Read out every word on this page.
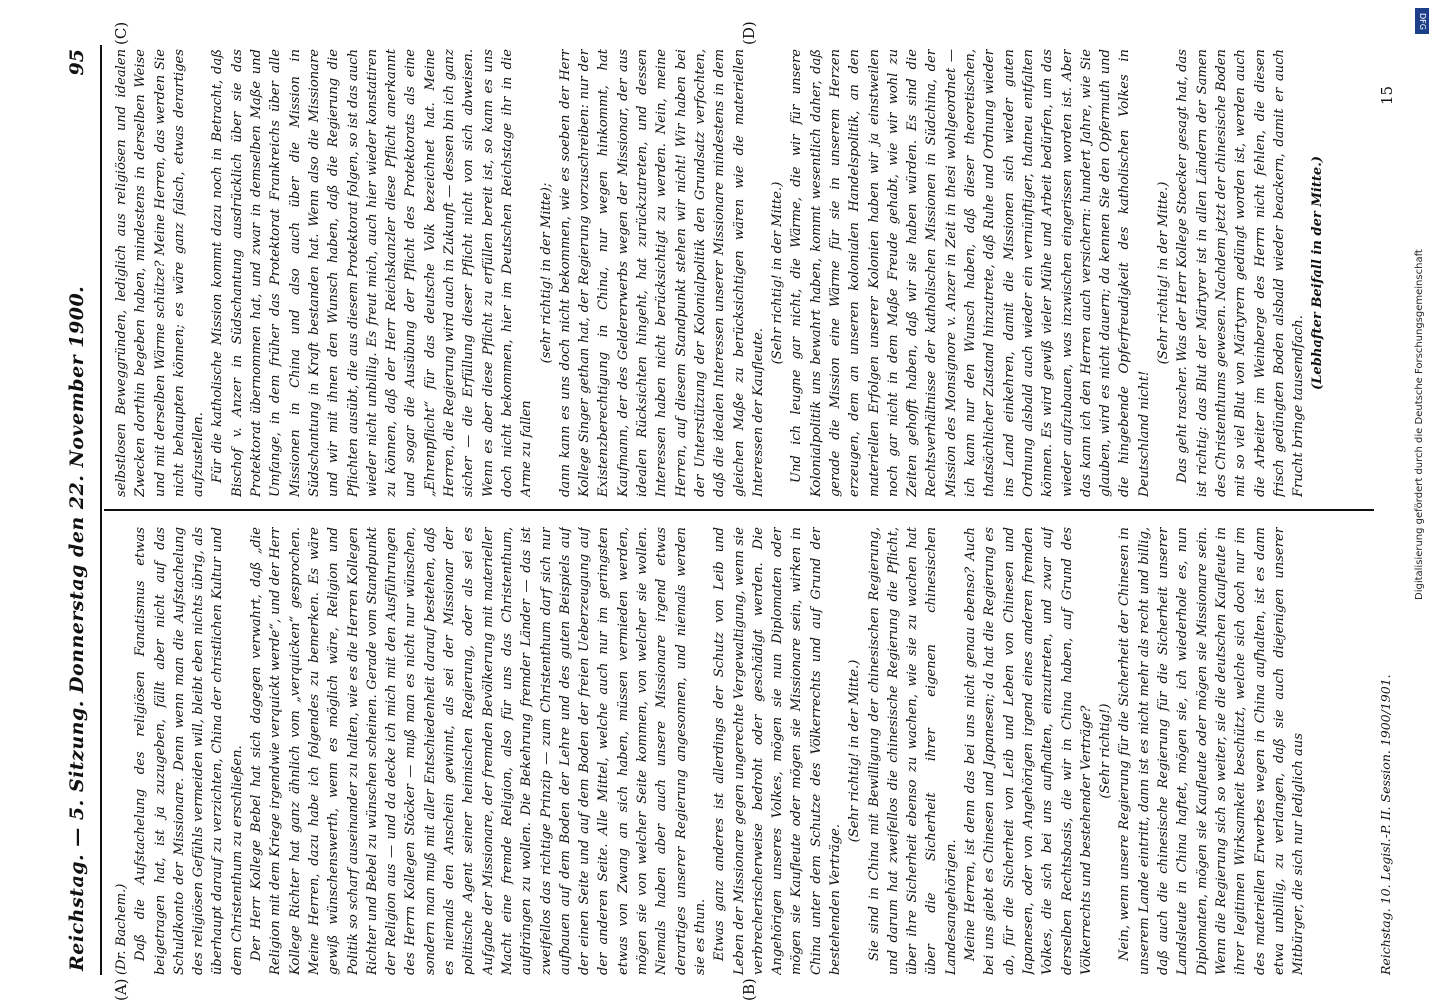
Reichstag. — 5. Sitzung. Donnerstag den 22. November 1900.
95
(A)	(B)
(C)	(D)

(Dr. Bachem.) Daß die Aufstachelung des religiösen Fanatismus etwas beigetragen hat, ist ja zuzugeben, fällt aber nicht auf das Schuldkonto der Missionare. Denn wenn man die Aufstachelung des religiösen Gefühls vermeiden will, bleibt eben nichts übrig, als überhaupt darauf zu verzichten, China der christlichen Kultur und dem Christenthum zu erschließen. Der Herr Kollege Bebel hat sich dagegen verwahrt, daß „die Religion mit dem Kriege irgendwie verquickt werde“, und der Herr Kollege Richter hat ganz ähnlich vom „verquicken“ gesprochen. Meine Herren, dazu habe ich folgendes zu bemerken. Es wäre gewiß wünschenswerth, wenn es möglich wäre, Religion und Politik so scharf auseinander zu halten, wie es die Herren Kollegen Richter und Bebel zu wünschen scheinen. Gerade vom Standpunkt der Religion aus — und da decke ich mich mit den Ausführungen des Herrn Kollegen Stöcker — muß man es nicht nur wünschen, sondern man muß mit aller Entschiedenheit darauf bestehen, daß es niemals den Anschein gewinnt, als sei der Missionar der politische Agent seiner heimischen Regierung, oder als sei es Aufgabe der Missionare, der fremden Bevölkerung mit materieller Macht eine fremde Religion, also für uns das Christenthum, aufdrängen zu wollen. Die Bekehrung fremder Länder — das ist zweifellos das richtige Prinzip — zum Christenthum darf sich nur aufbauen auf dem Boden der Lehre und des guten Beispiels auf der einen Seite und auf dem Boden der freien Ueberzeugung auf der anderen Seite. Alle Mittel, welche auch nur im geringsten etwas von Zwang an sich haben, müssen vermieden werden, mögen sie von welcher Seite kommen, von welcher sie wollen. Niemals haben aber auch unsere Missionare irgend etwas derartiges unserer Regierung angesonnen, und niemals werden sie es thun. Etwas ganz anderes ist allerdings der Schutz von Leib und Leben der Missionare gegen ungerechte Vergewaltigung, wenn sie verbrecherischerweise bedroht oder geschädigt werden. Die Angehörigen unseres Volkes, mögen sie nun Diplomaten oder mögen sie Kaufleute oder mögen sie Missionare sein, wirken in China unter dem Schutze des Völkerrechts und auf Grund der bestehenden Verträge.

(Sehr richtig! in der Mitte.) Sie sind in China mit Bewilligung der chinesischen Regierung, und darum hat zweifellos die chinesische Regierung die Pflicht, über ihre Sicherheit ebenso zu wachen, wie sie zu wachen hat über die Sicherheit ihrer eigenen chinesischen Landesangehörigen. Meine Herren, ist denn das bei uns nicht genau ebenso? Auch bei uns giebt es Chinesen und Japanesen; da hat die Regierung es ab, für die Sicherheit von Leib und Leben von Chinesen und Japanesen, oder von Angehörigen irgend eines anderen fremden Volkes, die sich bei uns aufhalten, einzutreten, und zwar auf derselben Rechtsbasis, die wir in China haben, auf Grund des Völkerrechts und bestehender Verträge? (Sehr richtig!) Nein, wenn unsere Regierung für die Sicherheit der Chinesen in unserem Lande eintritt, dann ist es nicht mehr als recht und billig, daß auch die chinesische Regierung für die Sicherheit unserer Landsleute in China haftet, mögen sie, ich wiederhole es, nun Diplomaten, mögen sie Kaufleute oder mögen sie Missionare sein. Wenn die Regierung sich so weiter, sie die deutschen Kaufleute in ihrer legitimen Wirksamkeit beschützt, welche sich doch nur im des materiellen Erwerbes wegen in China aufhalten, ist es dann etwa unbillig, zu verlangen, daß sie auch diejenigen unserer Mitbürger, die sich nur lediglich aus

selbstlosen Beweggründen, lediglich aus religiösen und idealen Zwecken dorthin begeben haben, mindestens in derselben Weise und mit derselben Wärme schütze? Meine Herren, das werden Sie nicht behaupten können; es wäre ganz falsch, etwas derartiges aufzustellen. Für die katholische Mission kommt dazu noch in Betracht, daß Bischof v. Anzer in Südschantung ausdrücklich über sie das Protektorat übernommen hat, und zwar in demselben Maße und Umfange, in dem früher das Protektorat Frankreichs über alle Missionen in China und also auch über die Mission in Südschantung in Kraft bestanden hat. Wenn also die Missionare und wir mit ihnen den Wunsch haben, daß die Regierung die Pflichten ausübt, die aus diesem Protektorat folgen, so ist das auch wieder nicht unbillig. Es freut mich, auch hier wieder konstatiren zu können, daß der Herr Reichskanzler diese Pflicht anerkannt und sogar die Ausübung der Pflicht des Protektorats als eine „Ehrenpflicht“ für das deutsche Volk bezeichnet hat. Meine Herren, die Regierung wird auch in Zukunft — dessen bin ich ganz sicher — die Erfüllung dieser Pflicht nicht von sich abweisen. Wenn es aber diese Pflicht zu erfüllen bereit ist, so kann es uns doch nicht bekommen, hier im Deutschen Reichstage ihr in die Arme zu fallen

(sehr richtig! in der Mitte); dann kann es uns doch nicht bekommen, wie es soeben der Herr Kollege Singer gethan hat, der Regierung vorzuschreiben: nur der Existenzberechtigung in China, nur wegen hinkommt, hat Kaufmann, der des Geldererwerbs wegen der Missionar, der aus idealen Rücksichten hingeht, hat zurückzutreten, und dessen Interessen haben nicht berücksichtigt zu werden. Nein, meine Herren, auf diesem Standpunkt stehen wir nicht! Wir haben bei der Unterstützung der Kolonialpolitik den Grundsatz verfochten, daß die idealen Interessen unserer Missionare mindestens in dem gleichen Maße zu berücksichtigen wären wie die materiellen Interessen der Kaufleute.

(Sehr richtig! in der Mitte.) Und ich leugne gar nicht, die Wärme, die wir für unsere Kolonialpolitik uns bewahrt haben, kommt wesentlich daher, daß gerade die Mission eine Wärme für sie in unserem Herzen erzeugen, dem an unseren kolonialen Handelspolitik, an den materiellen Erfolgen unserer Kolonien haben wir ja einstweilen noch gar nicht in dem Maße Freude gehabt, wie wir wohl zu Zeiten gehofft haben, daß wir sie haben würden. Es sind die Rechtsverhältnisse der katholischen Missionen in Südchina, der Mission des Monsignore v. Anzer in Zeit in thesi wohlgeordnet — ich kann nur den Wunsch haben, daß dieser theoretischen, thatsächlicher Zustand hinzutrete, daß Ruhe und Ordnung wieder ins Land einkehren, damit die Missionen sich wieder guten Ordnung alsbald auch wieder ein vernünftiger, thatneu entfalten können. Es wird gewiß vieler Mühe und Arbeit bedürfen, um das wieder aufzubauen, was inzwischen eingerissen worden ist. Aber das kann ich den Herren auch versichern: hundert Jahre, wie Sie glauben, wird es nicht dauern; da kennen Sie den Opfermuth und die hingebende Opferfreudigkeit des katholischen Volkes in Deutschland nicht!

(Sehr richtig! in der Mitte.) Das geht rascher. Was der Herr Kollege Stoecker gesagt hat, das ist richtig: das Blut der Märtyrer ist in allen Ländern der Samen des Christenthums gewesen. Nachdem jetzt der chinesische Boden mit so viel Blut von Märtyrern gedüngt worden ist, werden auch die Arbeiter im Weinberge des Herrn nicht fehlen, die diesen frisch gedüngten Boden alsbald wieder beackern, damit er auch Frucht bringe tausendfach.

(Lebhafter Beifall in der Mitte.)

Reichstag. 10. Legisl.-P. II. Session. 1900/1901.
15
DFG
Digitalisierung gefördert durch die Deutsche Forschungsgemeinschaft
